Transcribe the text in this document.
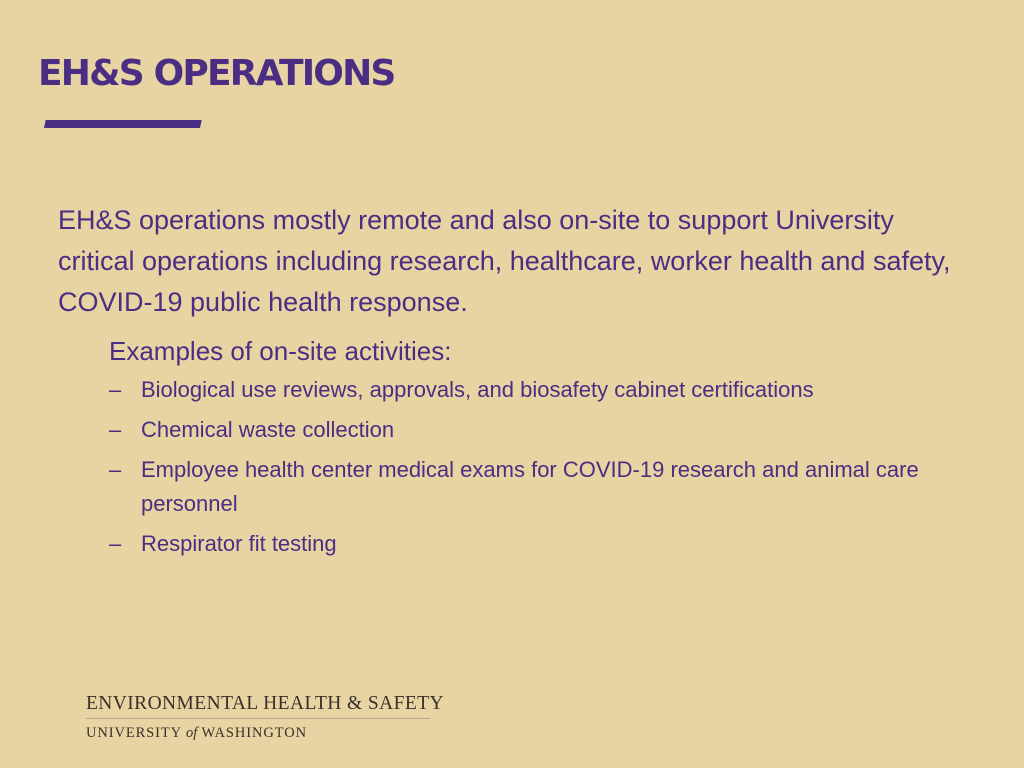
EH&S OPERATIONS

EH&S operations mostly remote and also on-site to support University critical operations including research, healthcare, worker health and safety, COVID-19 public health response.

Examples of on-site activities:
– Biological use reviews, approvals, and biosafety cabinet certifications
– Chemical waste collection
– Employee health center medical exams for COVID-19 research and animal care personnel
– Respirator fit testing
ENVIRONMENTAL HEALTH & SAFETY
UNIVERSITY of WASHINGTON
